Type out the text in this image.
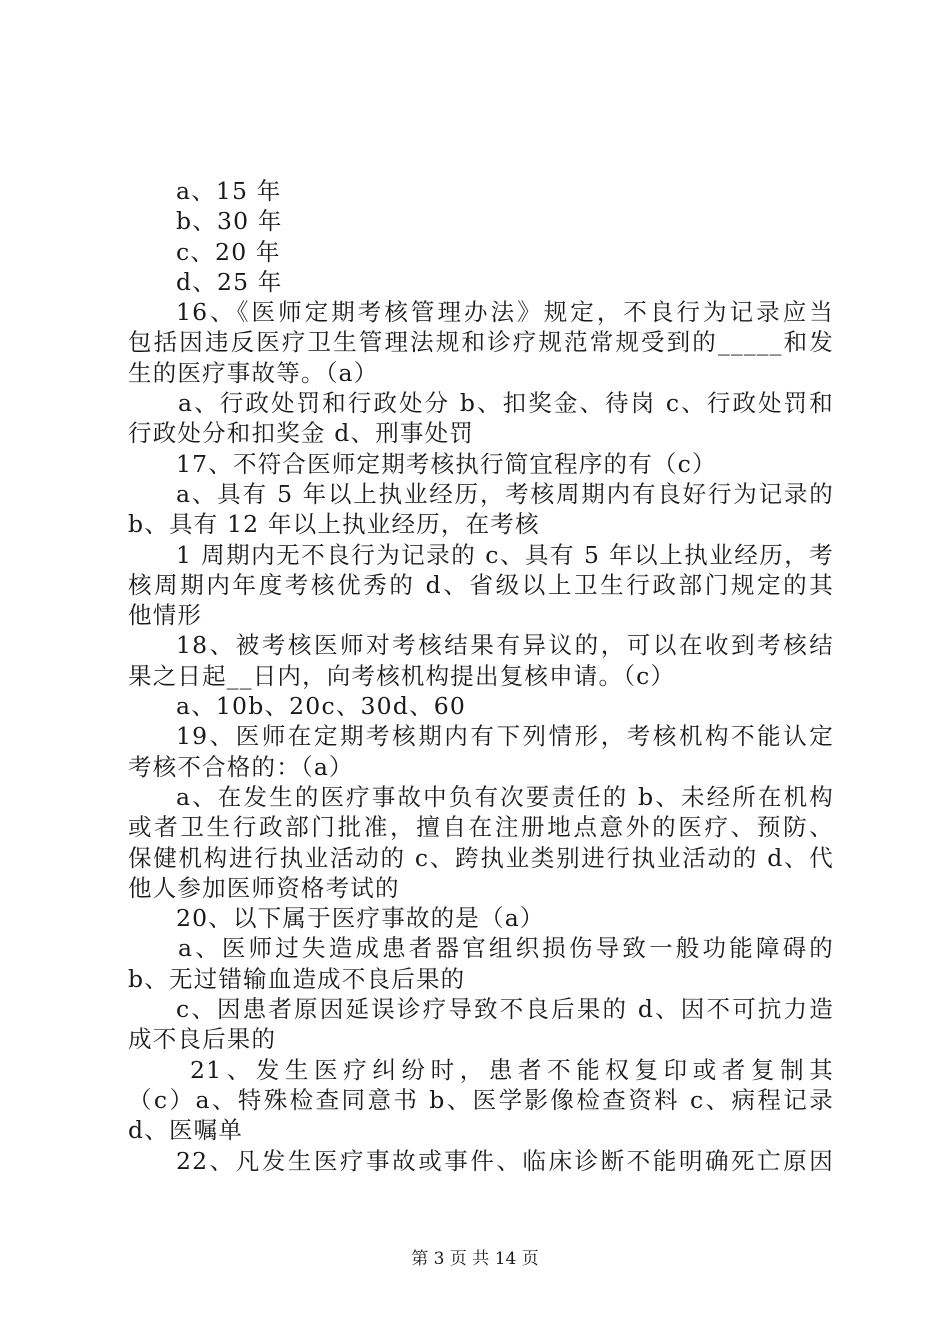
a、15 年
b、30 年
c、20 年
d、25 年
16、《医师定期考核管理办法》规定，不良行为记录应当
包括因违反医疗卫生管理法规和诊疗规范常规受到的_____和发
生的医疗事故等。（a）
a、行政处罚和行政处分 b、扣奖金、待岗 c、行政处罚和
行政处分和扣奖金 d、刑事处罚
17、不符合医师定期考核执行简宜程序的有（c）
a、具有 5 年以上执业经历，考核周期内有良好行为记录的
b、具有 12 年以上执业经历，在考核
1 周期内无不良行为记录的 c、具有 5 年以上执业经历，考
核周期内年度考核优秀的 d、省级以上卫生行政部门规定的其
他情形
18、被考核医师对考核结果有异议的，可以在收到考核结
果之日起__日内，向考核机构提出复核申请。（c）
a、10b、20c、30d、60
19、医师在定期考核期内有下列情形，考核机构不能认定
考核不合格的：（a）
a、在发生的医疗事故中负有次要责任的 b、未经所在机构
或者卫生行政部门批准，擅自在注册地点意外的医疗、预防、
保健机构进行执业活动的 c、跨执业类别进行执业活动的 d、代
他人参加医师资格考试的
20、以下属于医疗事故的是（a）
a、医师过失造成患者器官组织损伤导致一般功能障碍的
b、无过错输血造成不良后果的
c、因患者原因延误诊疗导致不良后果的 d、因不可抗力造
成不良后果的
21、发生医疗纠纷时，患者不能权复印或者复制其
（c）a、特殊检查同意书 b、医学影像检查资料 c、病程记录
d、医嘱单
22、凡发生医疗事故或事件、临床诊断不能明确死亡原因
第 3 页 共 14 页
